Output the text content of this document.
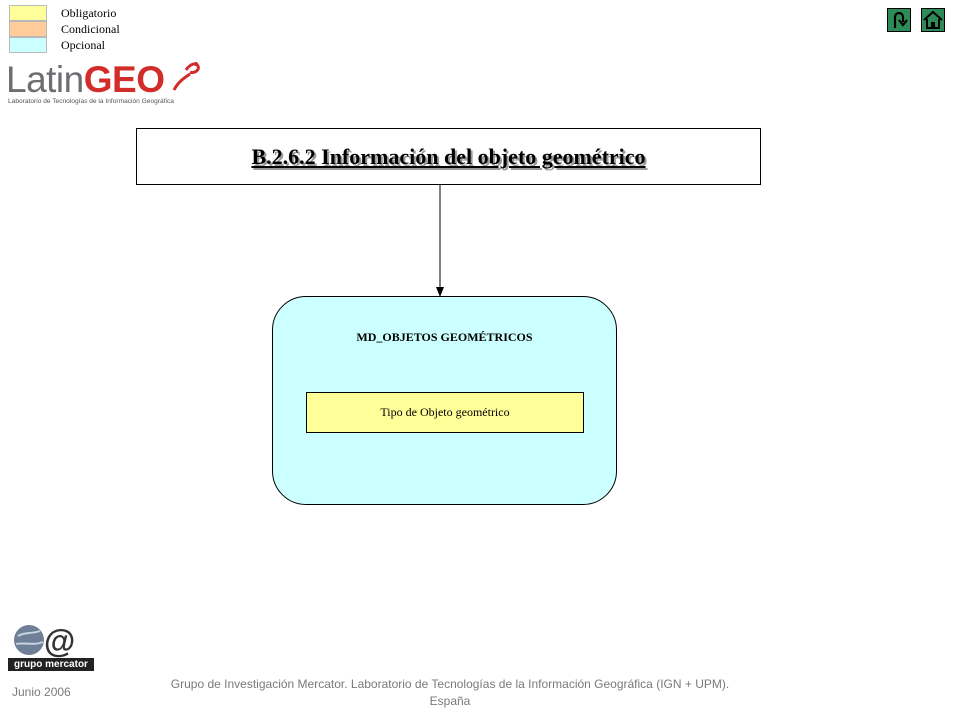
Obligatorio
Condicional
Opcional
LatinGEO
Laboratorio de Tecnologías de la Información Geográfica
B.2.6.2 Información del objeto geométrico
MD_OBJETOS GEOMÉTRICOS
Tipo de Objeto geométrico
@
grupo mercator
Junio 2006
Grupo de Investigación Mercator. Laboratorio de Tecnologías de la Información Geográfica (IGN + UPM).
España
